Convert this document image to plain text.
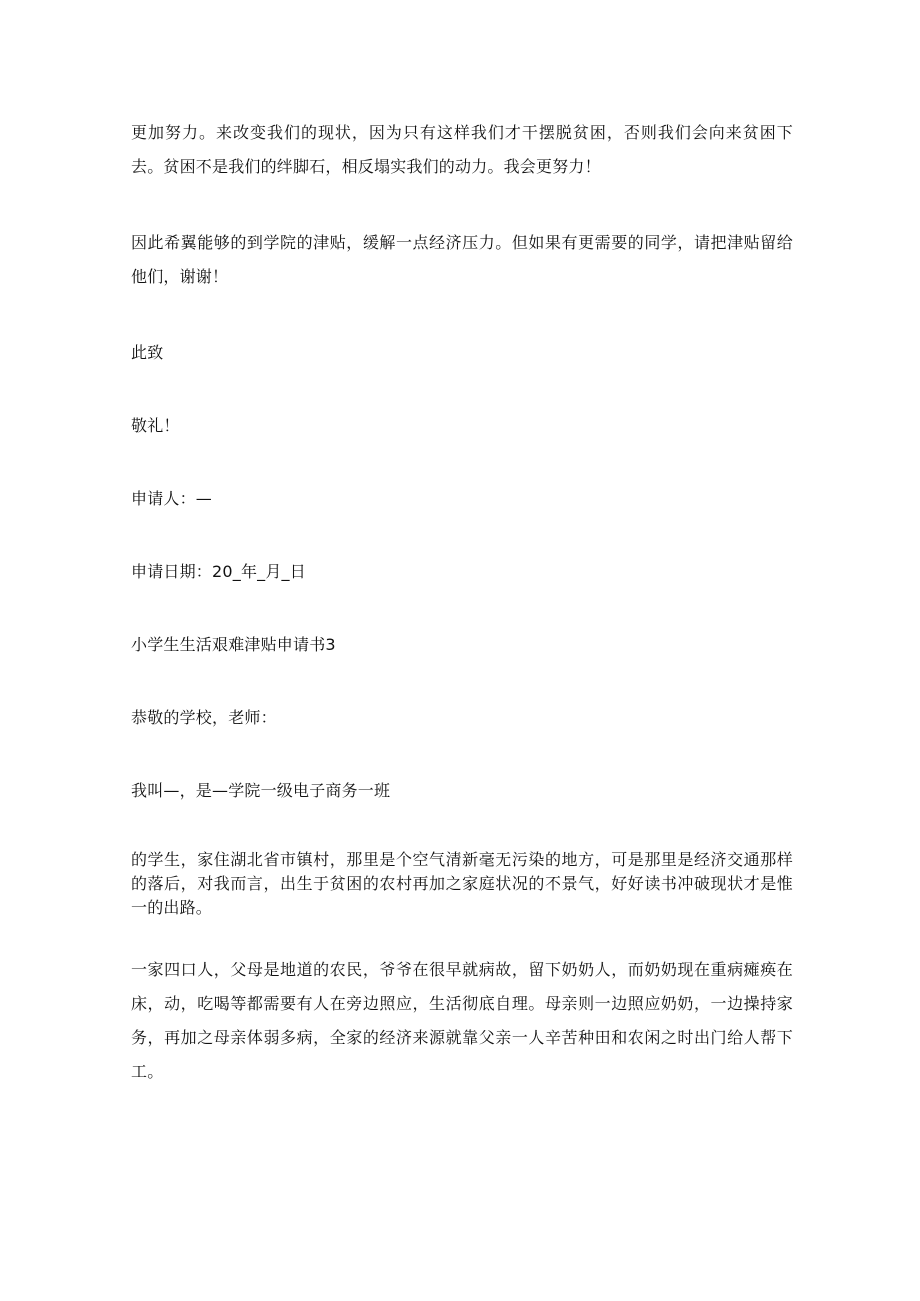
更加努力。来改变我们的现状，因为只有这样我们才干摆脱贫困，否则我们会向来贫困下去。贫困不是我们的绊脚石，相反塌实我们的动力。我会更努力！

因此希翼能够的到学院的津贴，缓解一点经济压力。但如果有更需要的同学，请把津贴留给他们，谢谢！

此致

敬礼！

申请人：—

申请日期：20_年_月_日

小学生生活艰难津贴申请书3

恭敬的学校，老师：

我叫—，是—学院一级电子商务一班

的学生，家住湖北省市镇村，那里是个空气清新毫无污染的地方，可是那里是经济交通那样的落后，对我而言，出生于贫困的农村再加之家庭状况的不景气，好好读书冲破现状才是惟一的出路。

一家四口人，父母是地道的农民，爷爷在很早就病故，留下奶奶人，而奶奶现在重病瘫痪在床，动，吃喝等都需要有人在旁边照应，生活彻底自理。母亲则一边照应奶奶，一边操持家务，再加之母亲体弱多病，全家的经济来源就靠父亲一人辛苦种田和农闲之时出门给人帮下工。
